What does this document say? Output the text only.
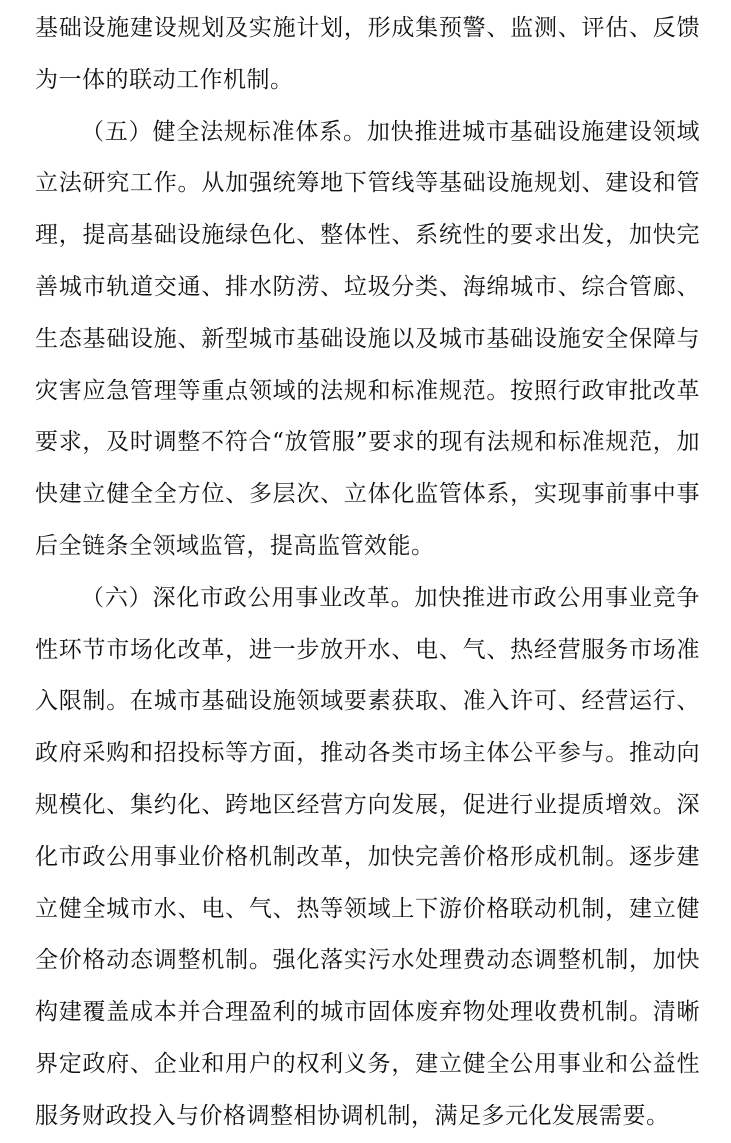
基础设施建设规划及实施计划，形成集预警、监测、评估、反馈为一体的联动工作机制。

（五）健全法规标准体系。加快推进城市基础设施建设领域立法研究工作。从加强统筹地下管线等基础设施规划、建设和管理，提高基础设施绿色化、整体性、系统性的要求出发，加快完善城市轨道交通、排水防涝、垃圾分类、海绵城市、综合管廊、生态基础设施、新型城市基础设施以及城市基础设施安全保障与灾害应急管理等重点领域的法规和标准规范。按照行政审批改革要求，及时调整不符合“放管服”要求的现有法规和标准规范，加快建立健全全方位、多层次、立体化监管体系，实现事前事中事后全链条全领域监管，提高监管效能。

（六）深化市政公用事业改革。加快推进市政公用事业竞争性环节市场化改革，进一步放开水、电、气、热经营服务市场准入限制。在城市基础设施领域要素获取、准入许可、经营运行、政府采购和招投标等方面，推动各类市场主体公平参与。推动向规模化、集约化、跨地区经营方向发展，促进行业提质增效。深化市政公用事业价格机制改革，加快完善价格形成机制。逐步建立健全城市水、电、气、热等领域上下游价格联动机制，建立健全价格动态调整机制。强化落实污水处理费动态调整机制，加快构建覆盖成本并合理盈利的城市固体废弃物处理收费机制。清晰界定政府、企业和用户的权利义务，建立健全公用事业和公益性服务财政投入与价格调整相协调机制，满足多元化发展需要。
